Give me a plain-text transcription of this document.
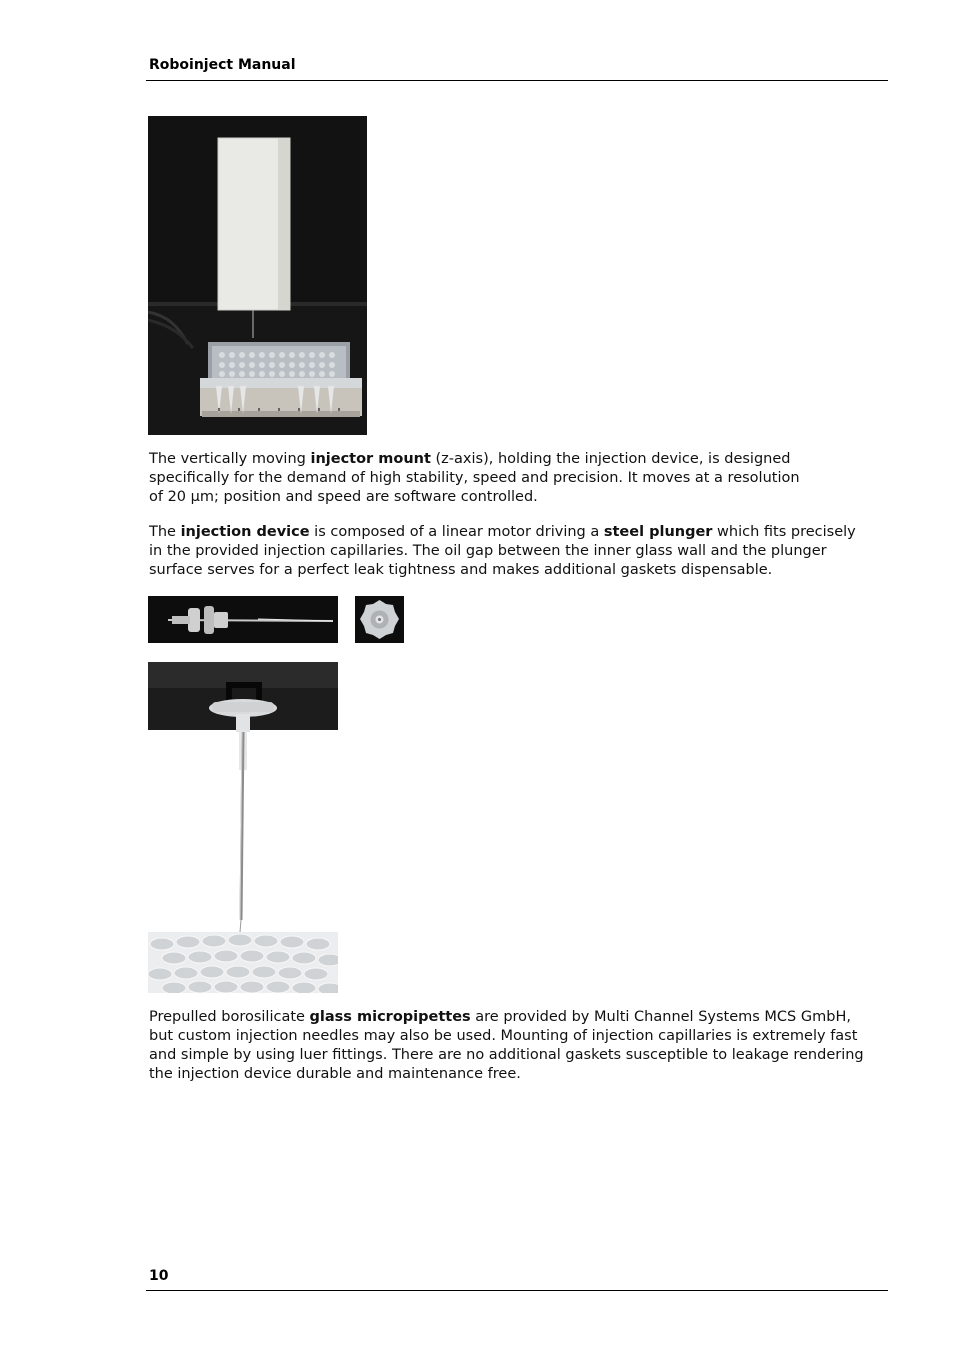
Roboinject Manual

The vertically moving injector mount (z-axis), holding the injection device, is designed
specifically for the demand of high stability, speed and precision. It moves at a resolution
of 20 µm; position and speed are software controlled.

The injection device is composed of a linear motor driving a steel plunger which fits precisely
in the provided injection capillaries. The oil gap between the inner glass wall and the plunger
surface serves for a perfect leak tightness and makes additional gaskets dispensable.

Prepulled borosilicate glass micropipettes are provided by Multi Channel Systems MCS GmbH,
but custom injection needles may also be used. Mounting of injection capillaries is extremely fast
and simple by using luer fittings. There are no additional gaskets susceptible to leakage rendering
the injection device durable and maintenance free.

10
